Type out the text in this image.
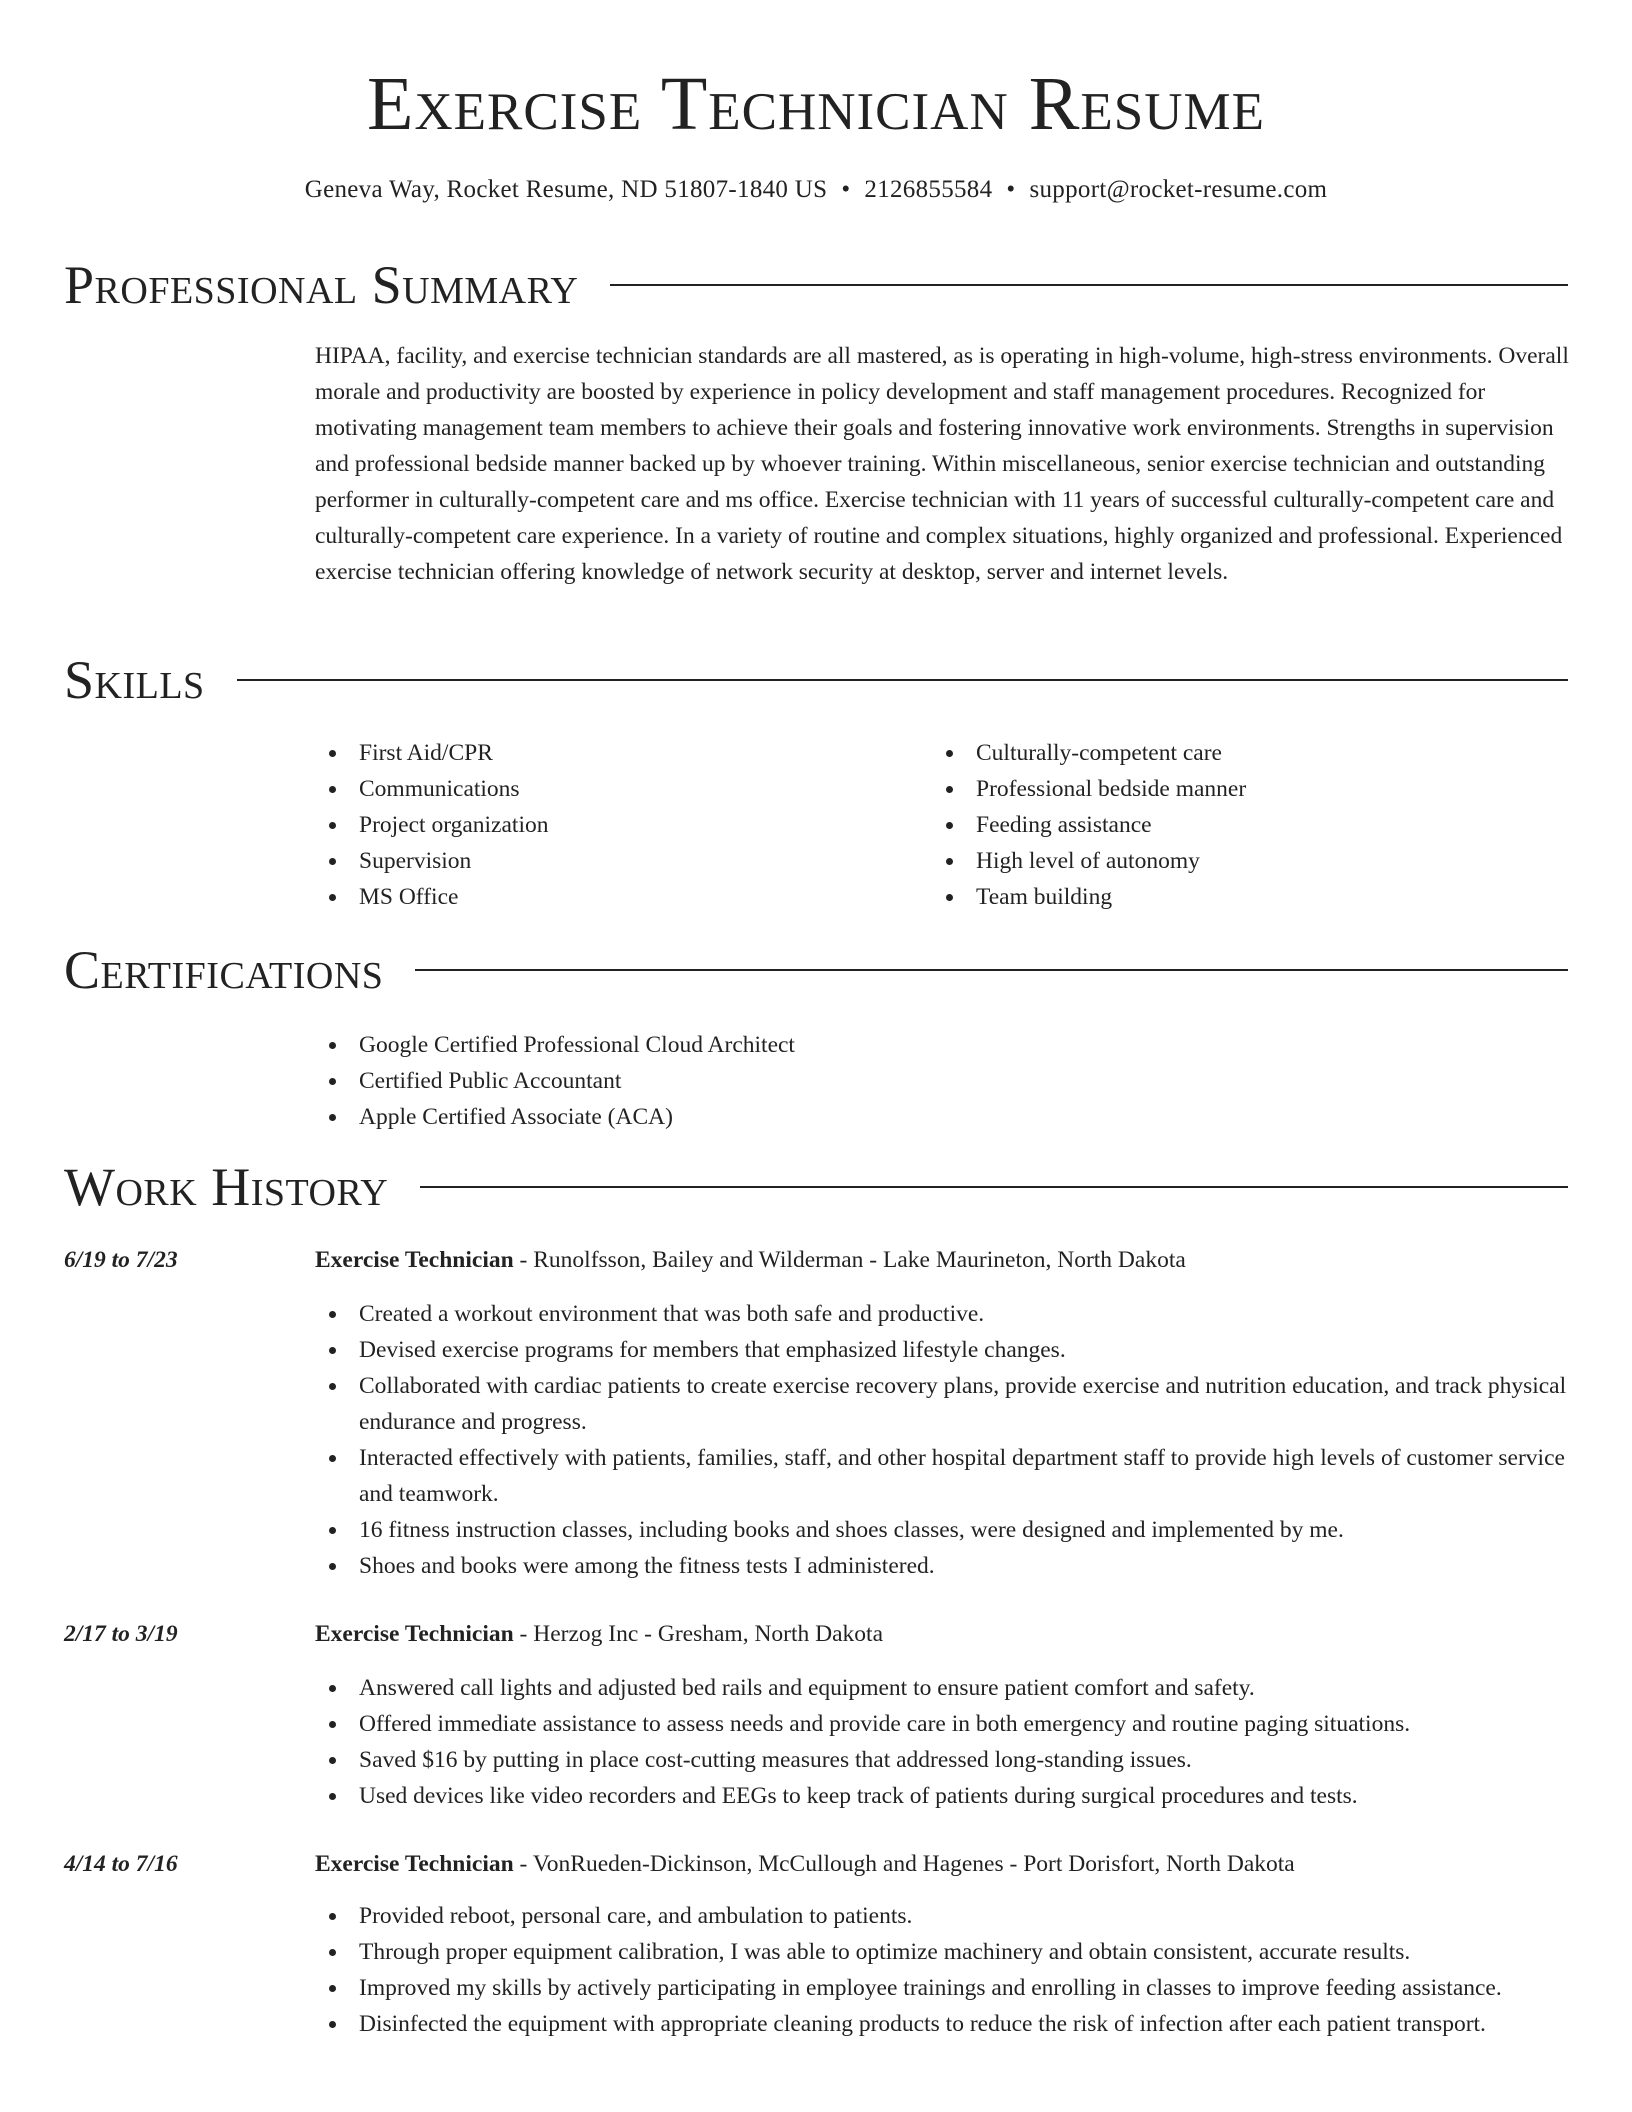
Exercise Technician Resume
Geneva Way, Rocket Resume, ND 51807-1840 US • 2126855584 • support@rocket-resume.com
Professional Summary

HIPAA, facility, and exercise technician standards are all mastered, as is operating in high-volume, high-stress environments. Overall morale and productivity are boosted by experience in policy development and staff management procedures. Recognized for motivating management team members to achieve their goals and fostering innovative work environments. Strengths in supervision and professional bedside manner backed up by whoever training. Within miscellaneous, senior exercise technician and outstanding performer in culturally-competent care and ms office. Exercise technician with 11 years of successful culturally-competent care and culturally-competent care experience. In a variety of routine and complex situations, highly organized and professional. Experienced exercise technician offering knowledge of network security at desktop, server and internet levels.

Skills
First Aid/CPR
Communications
Project organization
Supervision
MS Office
Culturally-competent care
Professional bedside manner
Feeding assistance
High level of autonomy
Team building
Certifications
Google Certified Professional Cloud Architect
Certified Public Accountant
Apple Certified Associate (ACA)
Work History
6/19 to 7/23	Exercise Technician - Runolfsson, Bailey and Wilderman - Lake Maurineton, North Dakota
Created a workout environment that was both safe and productive.
Devised exercise programs for members that emphasized lifestyle changes.
Collaborated with cardiac patients to create exercise recovery plans, provide exercise and nutrition education, and track physical endurance and progress.
Interacted effectively with patients, families, staff, and other hospital department staff to provide high levels of customer service and teamwork.
16 fitness instruction classes, including books and shoes classes, were designed and implemented by me.
Shoes and books were among the fitness tests I administered.
2/17 to 3/19	Exercise Technician - Herzog Inc - Gresham, North Dakota
Answered call lights and adjusted bed rails and equipment to ensure patient comfort and safety.
Offered immediate assistance to assess needs and provide care in both emergency and routine paging situations.
Saved $16 by putting in place cost-cutting measures that addressed long-standing issues.
Used devices like video recorders and EEGs to keep track of patients during surgical procedures and tests.
4/14 to 7/16	Exercise Technician - VonRueden-Dickinson, McCullough and Hagenes - Port Dorisfort, North Dakota
Provided reboot, personal care, and ambulation to patients.
Through proper equipment calibration, I was able to optimize machinery and obtain consistent, accurate results.
Improved my skills by actively participating in employee trainings and enrolling in classes to improve feeding assistance.
Disinfected the equipment with appropriate cleaning products to reduce the risk of infection after each patient transport.
